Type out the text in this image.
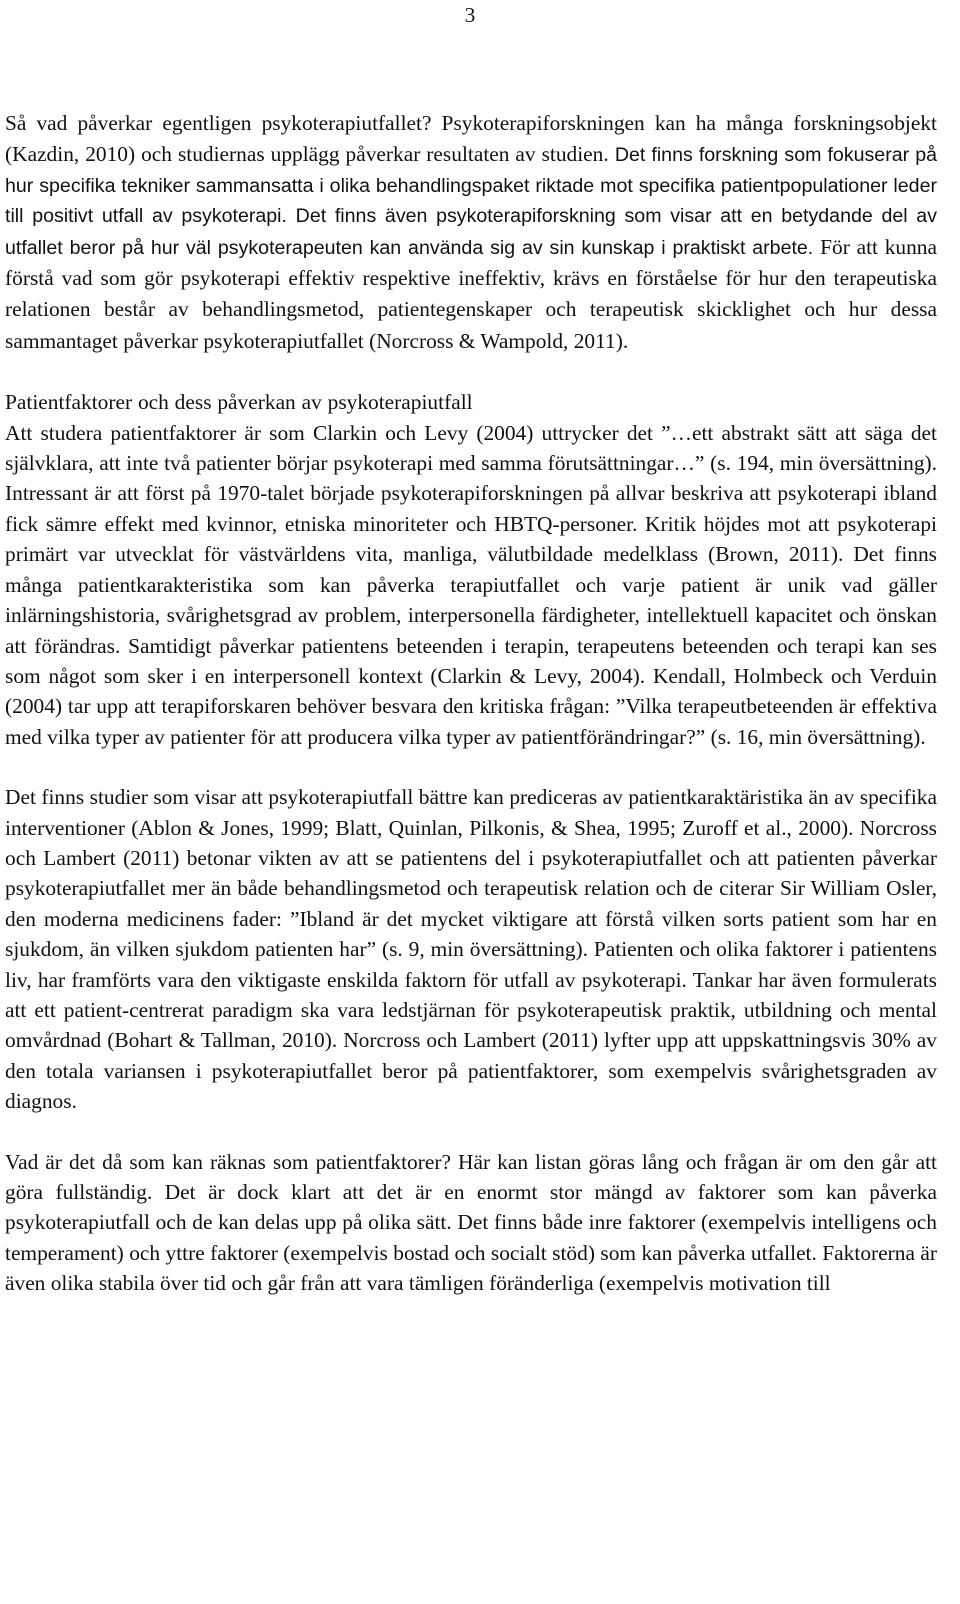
3

Så vad påverkar egentligen psykoterapiutfallet? Psykoterapiforskningen kan ha många forskningsobjekt (Kazdin, 2010) och studiernas upplägg påverkar resultaten av studien. Det finns forskning som fokuserar på hur specifika tekniker sammansatta i olika behandlingspaket riktade mot specifika patientpopulationer leder till positivt utfall av psykoterapi. Det finns även psykoterapiforskning som visar att en betydande del av utfallet beror på hur väl psykoterapeuten kan använda sig av sin kunskap i praktiskt arbete. För att kunna förstå vad som gör psykoterapi effektiv respektive ineffektiv, krävs en förståelse för hur den terapeutiska relationen består av behandlingsmetod, patientegenskaper och terapeutisk skicklighet och hur dessa sammantaget påverkar psykoterapiutfallet (Norcross & Wampold, 2011).

Patientfaktorer och dess påverkan av psykoterapiutfall

Att studera patientfaktorer är som Clarkin och Levy (2004) uttrycker det ”…ett abstrakt sätt att säga det självklara, att inte två patienter börjar psykoterapi med samma förutsättningar…” (s. 194, min översättning). Intressant är att först på 1970-talet började psykoterapiforskningen på allvar beskriva att psykoterapi ibland fick sämre effekt med kvinnor, etniska minoriteter och HBTQ-personer. Kritik höjdes mot att psykoterapi primärt var utvecklat för västvärldens vita, manliga, välutbildade medelklass (Brown, 2011). Det finns många patientkarakteristika som kan påverka terapiutfallet och varje patient är unik vad gäller inlärningshistoria, svårighetsgrad av problem, interpersonella färdigheter, intellektuell kapacitet och önskan att förändras. Samtidigt påverkar patientens beteenden i terapin, terapeutens beteenden och terapi kan ses som något som sker i en interpersonell kontext (Clarkin & Levy, 2004). Kendall, Holmbeck och Verduin (2004) tar upp att terapiforskaren behöver besvara den kritiska frågan: ”Vilka terapeutbeteenden är effektiva med vilka typer av patienter för att producera vilka typer av patientförändringar?” (s. 16, min översättning).

Det finns studier som visar att psykoterapiutfall bättre kan prediceras av patientkaraktäristika än av specifika interventioner (Ablon & Jones, 1999; Blatt, Quinlan, Pilkonis, & Shea, 1995; Zuroff et al., 2000). Norcross och Lambert (2011) betonar vikten av att se patientens del i psykoterapiutfallet och att patienten påverkar psykoterapiutfallet mer än både behandlingsmetod och terapeutisk relation och de citerar Sir William Osler, den moderna medicinens fader: ”Ibland är det mycket viktigare att förstå vilken sorts patient som har en sjukdom, än vilken sjukdom patienten har” (s. 9, min översättning). Patienten och olika faktorer i patientens liv, har framförts vara den viktigaste enskilda faktorn för utfall av psykoterapi. Tankar har även formulerats att ett patient-centrerat paradigm ska vara ledstjärnan för psykoterapeutisk praktik, utbildning och mental omvårdnad (Bohart & Tallman, 2010). Norcross och Lambert (2011) lyfter upp att uppskattningsvis 30% av den totala variansen i psykoterapiutfallet beror på patientfaktorer, som exempelvis svårighetsgraden av diagnos.

Vad är det då som kan räknas som patientfaktorer? Här kan listan göras lång och frågan är om den går att göra fullständig. Det är dock klart att det är en enormt stor mängd av faktorer som kan påverka psykoterapiutfall och de kan delas upp på olika sätt. Det finns både inre faktorer (exempelvis intelligens och temperament) och yttre faktorer (exempelvis bostad och socialt stöd) som kan påverka utfallet. Faktorerna är även olika stabila över tid och går från att vara tämligen föränderliga (exempelvis motivation till
